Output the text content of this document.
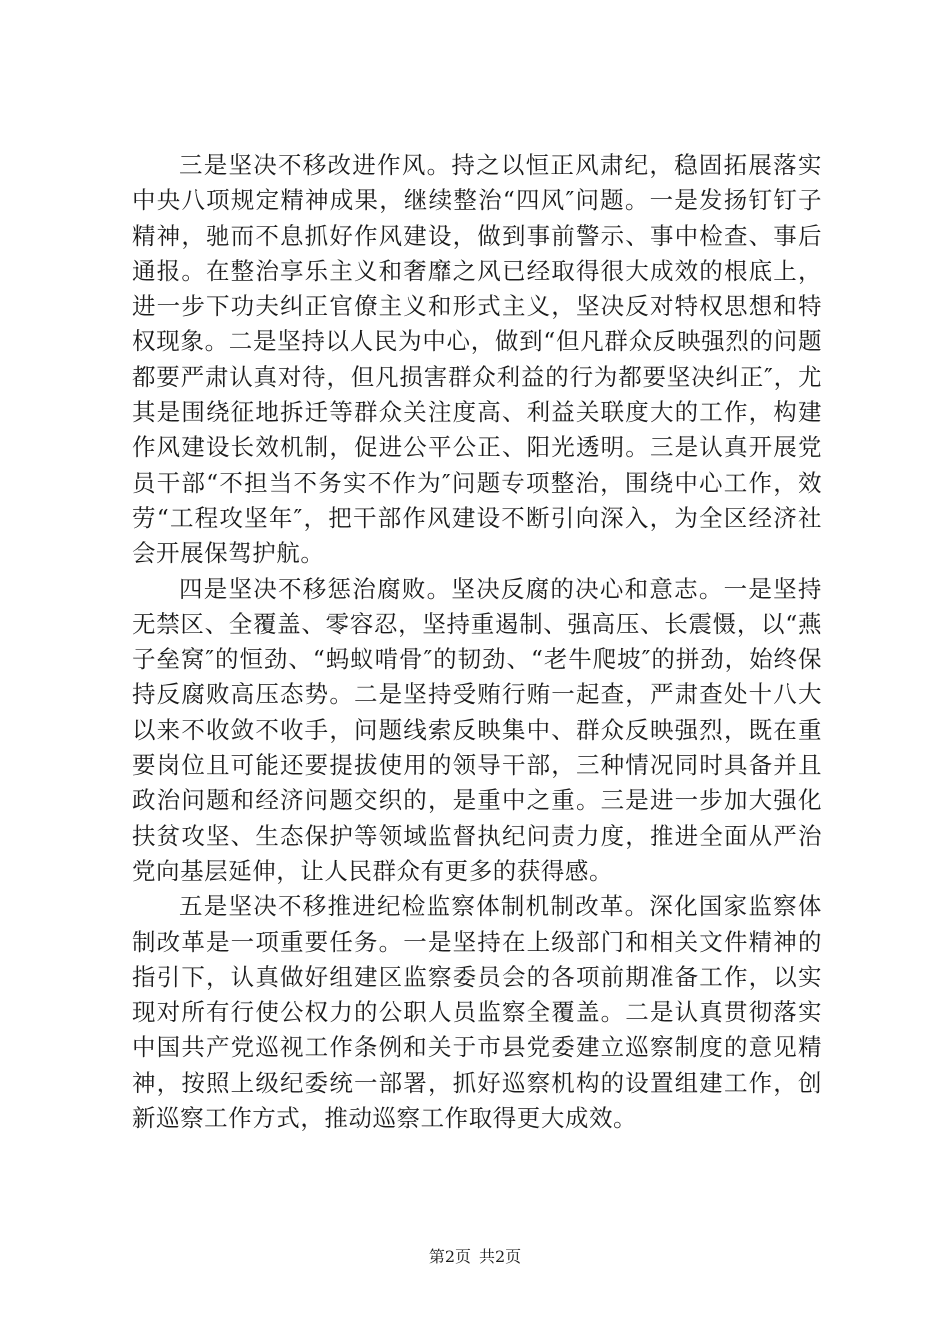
三是坚决不移改进作风。持之以恒正风肃纪，稳固拓展落实中央八项规定精神成果，继续整治“四风″问题。一是发扬钉钉子精神，驰而不息抓好作风建设，做到事前警示、事中检查、事后通报。在整治享乐主义和奢靡之风已经取得很大成效的根底上，进一步下功夫纠正官僚主义和形式主义，坚决反对特权思想和特权现象。二是坚持以人民为中心，做到“但凡群众反映强烈的问题都要严肃认真对待，但凡损害群众利益的行为都要坚决纠正″，尤其是围绕征地拆迁等群众关注度高、利益关联度大的工作，构建作风建设长效机制，促进公平公正、阳光透明。三是认真开展党员干部“不担当不务实不作为″问题专项整治，围绕中心工作，效劳“工程攻坚年″，把干部作风建设不断引向深入，为全区经济社会开展保驾护航。

四是坚决不移惩治腐败。坚决反腐的决心和意志。一是坚持无禁区、全覆盖、零容忍，坚持重遏制、强高压、长震慑，以“燕子垒窝″的恒劲、“蚂蚁啃骨″的韧劲、“老牛爬坡″的拼劲，始终保持反腐败高压态势。二是坚持受贿行贿一起查，严肃查处十八大以来不收敛不收手，问题线索反映集中、群众反映强烈，既在重要岗位且可能还要提拔使用的领导干部，三种情况同时具备并且政治问题和经济问题交织的，是重中之重。三是进一步加大强化扶贫攻坚、生态保护等领域监督执纪问责力度，推进全面从严治党向基层延伸，让人民群众有更多的获得感。

五是坚决不移推进纪检监察体制机制改革。深化国家监察体制改革是一项重要任务。一是坚持在上级部门和相关文件精神的指引下，认真做好组建区监察委员会的各项前期准备工作，以实现对所有行使公权力的公职人员监察全覆盖。二是认真贯彻落实中国共产党巡视工作条例和关于市县党委建立巡察制度的意见精神，按照上级纪委统一部署，抓好巡察机构的设置组建工作，创新巡察工作方式，推动巡察工作取得更大成效。

第2页 共2页
